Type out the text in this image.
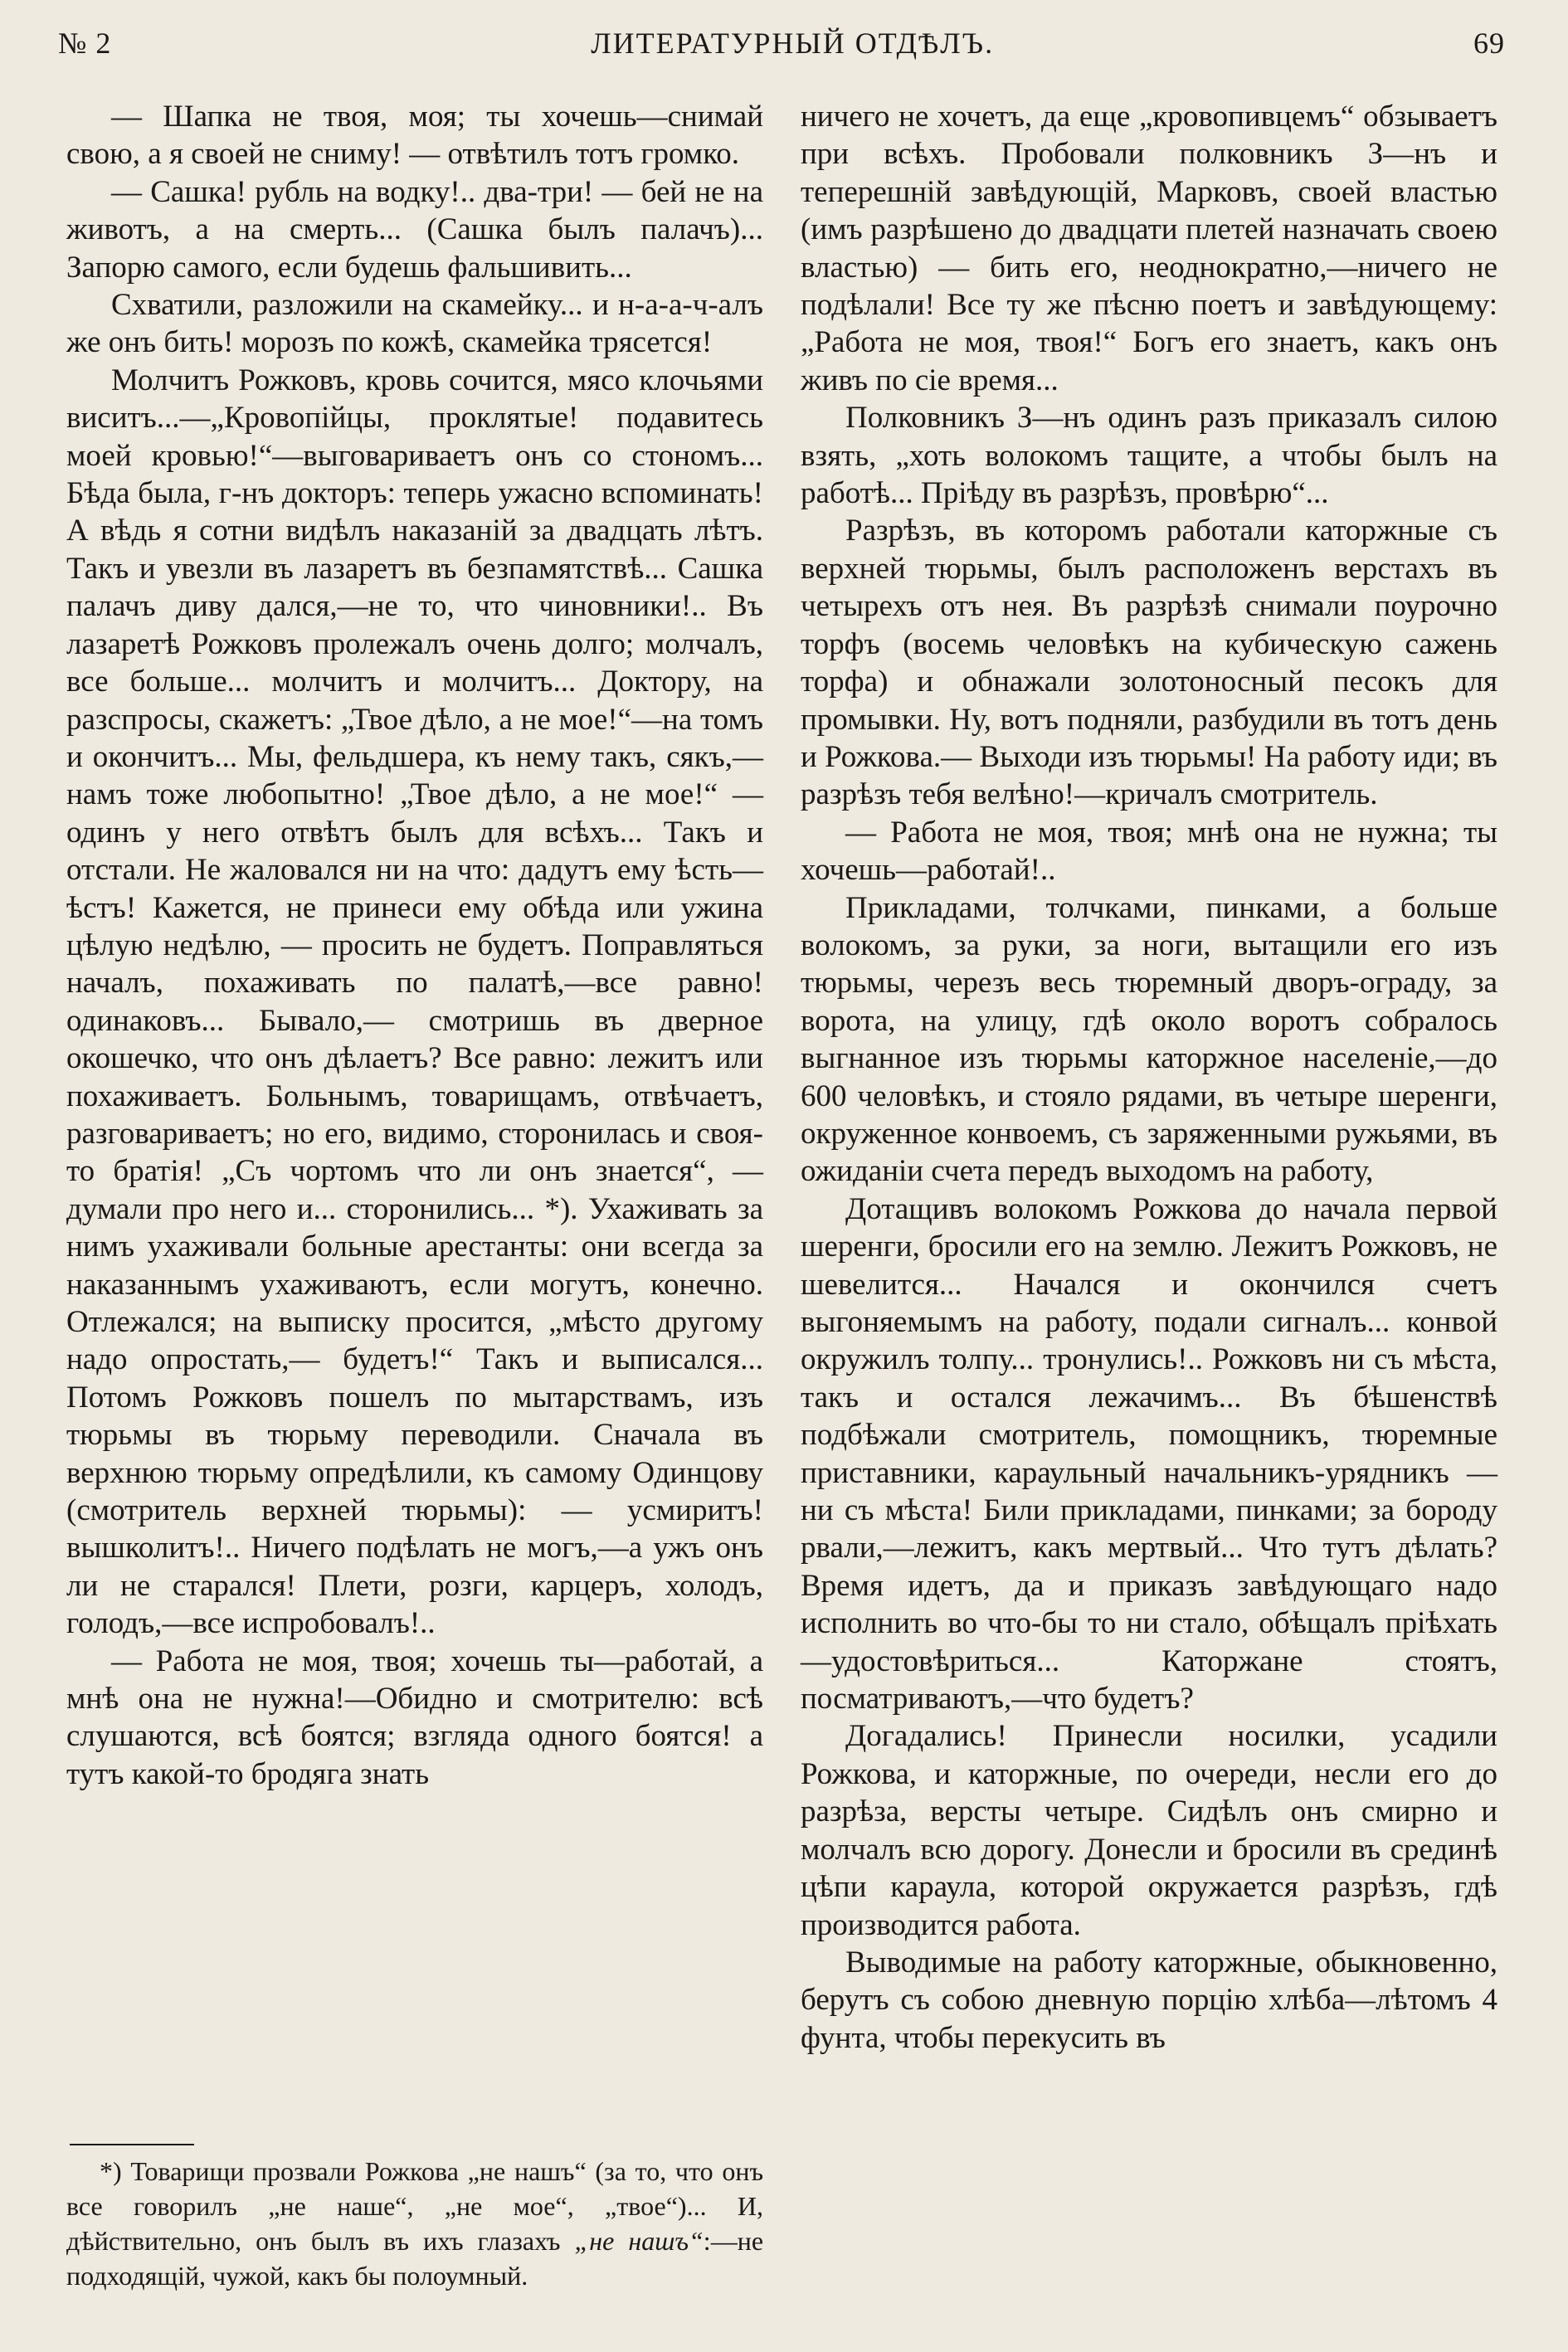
№ 2	ЛИТЕРАТУРНЫЙ ОТДѢЛЪ.	69

— Шапка не твоя, моя; ты хочешь—снимай свою, а я своей не сниму! — отвѣтилъ тотъ громко.

— Сашка! рубль на водку!.. два-три! — бей не на животъ, а на смерть... (Сашка былъ палачъ)... Запорю самого, если будешь фальшивить...

Схватили, разложили на скамейку... и н-а-а-ч-алъ же онъ бить! морозъ по кожѣ, скамейка трясется!

Молчитъ Рожковъ, кровь сочится, мясо клочьями виситъ...—„Кровопійцы, проклятые! подавитесь моей кровью!“—выговариваетъ онъ со стономъ... Бѣда была, г-нъ докторъ: теперь ужасно вспоминать! А вѣдь я сотни видѣлъ наказаній за двадцать лѣтъ. Такъ и увезли въ лазаретъ въ безпамятствѣ... Сашка палачъ диву дался,—не то, что чиновники!.. Въ лазаретѣ Рожковъ пролежалъ очень долго; молчалъ, все больше... молчитъ и молчитъ... Доктору, на разспросы, скажетъ: „Твое дѣло, а не мое!“—на томъ и окончитъ... Мы, фельдшера, къ нему такъ, сякъ,—намъ тоже любопытно! „Твое дѣло, а не мое!“ — одинъ у него отвѣтъ былъ для всѣхъ... Такъ и отстали. Не жаловался ни на что: дадутъ ему ѣсть—ѣстъ! Кажется, не принеси ему обѣда или ужина цѣлую недѣлю, — просить не будетъ. Поправляться началъ, похаживать по палатѣ,—все равно! одинаковъ... Бывало,— смотришь въ дверное окошечко, что онъ дѣлаетъ? Все равно: лежитъ или похаживаетъ. Больнымъ, товарищамъ, отвѣчаетъ, разговариваетъ; но его, видимо, сторонилась и своя-то братія! „Съ чортомъ что ли онъ знается“, — думали про него и... сторонились... *). Ухаживать за нимъ ухаживали больные арестанты: они всегда за наказаннымъ ухаживаютъ, если могутъ, конечно. Отлежался; на выписку просится, „мѣсто другому надо опростать,— будетъ!“ Такъ и выписался... Потомъ Рожковъ пошелъ по мытарствамъ, изъ тюрьмы въ тюрьму переводили. Сначала въ верхнюю тюрьму опредѣлили, къ самому Одинцову (смотритель верхней тюрьмы): — усмиритъ! вышколитъ!.. Ничего подѣлать не могъ,—а ужъ онъ ли не старался! Плети, розги, карцеръ, холодъ, голодъ,—все испробовалъ!..

— Работа не моя, твоя; хочешь ты—работай, а мнѣ она не нужна!—Обидно и смотрителю: всѣ слушаются, всѣ боятся; взгляда одного боятся! а тутъ какой-то бродяга знать

*) Товарищи прозвали Рожкова „не нашъ“ (за то, что онъ все говорилъ „не наше“, „не мое“, „твое“)... И, дѣйствительно, онъ былъ въ ихъ глазахъ „не нашъ“:—не подходящій, чужой, какъ бы полоумный.

ничего не хочетъ, да еще „кровопивцемъ“ обзываетъ при всѣхъ. Пробовали полковникъ З—нъ и теперешній завѣдующій, Марковъ, своей властью (имъ разрѣшено до двадцати плетей назначать своею властью) — бить его, неоднократно,—ничего не подѣлали! Все ту же пѣсню поетъ и завѣдующему: „Работа не моя, твоя!“ Богъ его знаетъ, какъ онъ живъ по сіе время...

Полковникъ З—нъ одинъ разъ приказалъ силою взять, „хоть волокомъ тащите, а чтобы былъ на работѣ... Пріѣду въ разрѣзъ, провѣрю“...

Разрѣзъ, въ которомъ работали каторжные съ верхней тюрьмы, былъ расположенъ верстахъ въ четырехъ отъ нея. Въ разрѣзѣ снимали поурочно торфъ (восемь человѣкъ на кубическую сажень торфа) и обнажали золотоносный песокъ для промывки. Ну, вотъ подняли, разбудили въ тотъ день и Рожкова.— Выходи изъ тюрьмы! На работу иди; въ разрѣзъ тебя велѣно!—кричалъ смотритель.

— Работа не моя, твоя; мнѣ она не нужна; ты хочешь—работай!..

Прикладами, толчками, пинками, а больше волокомъ, за руки, за ноги, вытащили его изъ тюрьмы, черезъ весь тюремный дворъ-ограду, за ворота, на улицу, гдѣ около воротъ собралось выгнанное изъ тюрьмы каторжное населеніе,—до 600 человѣкъ, и стояло рядами, въ четыре шеренги, окруженное конвоемъ, съ заряженными ружьями, въ ожиданіи счета передъ выходомъ на работу,

Дотащивъ волокомъ Рожкова до начала первой шеренги, бросили его на землю. Лежитъ Рожковъ, не шевелится... Начался и окончился счетъ выгоняемымъ на работу, подали сигналъ... конвой окружилъ толпу... тронулись!.. Рожковъ ни съ мѣста, такъ и остался лежачимъ... Въ бѣшенствѣ подбѣжали смотритель, помощникъ, тюремные приставники, караульный начальникъ-урядникъ — ни съ мѣста! Били прикладами, пинками; за бороду рвали,—лежитъ, какъ мертвый... Что тутъ дѣлать? Время идетъ, да и приказъ завѣдующаго надо исполнить во что-бы то ни стало, обѣщалъ пріѣхать—удостовѣриться... Каторжане стоятъ, посматриваютъ,—что будетъ?

Догадались! Принесли носилки, усадили Рожкова, и каторжные, по очереди, несли его до разрѣза, версты четыре. Сидѣлъ онъ смирно и молчалъ всю дорогу. Донесли и бросили въ срединѣ цѣпи караула, которой окружается разрѣзъ, гдѣ производится работа.

Выводимые на работу каторжные, обыкновенно, берутъ съ собою дневную порцію хлѣба—лѣтомъ 4 фунта, чтобы перекусить въ
